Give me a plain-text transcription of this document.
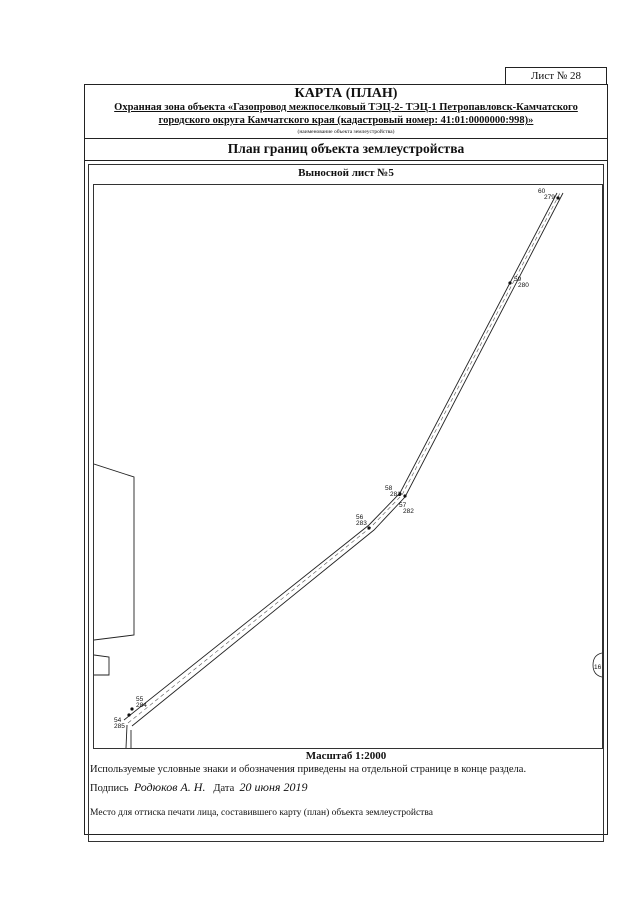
Лист № 28
КАРТА (ПЛАН)
Охранная зона объекта «Газопровод межпоселковый ТЭЦ-2- ТЭЦ-1 Петропавловск-Камчатского
городского округа Камчатского края (кадастровый номер: 41:01:0000000:998)»
(наименование объекта землеустройства)
План границ объекта землеустройства
Выносной лист №5
16
54
285
55
284
56
283
57
282
58
281
59
280
60
279
Масштаб 1:2000
Используемые условные знаки и обозначения приведены на отдельной странице в конце раздела.
Подпись Родюков А. Н. Дата 20 июня 2019
Место для оттиска печати лица, составившего карту (план) объекта землеустройства
